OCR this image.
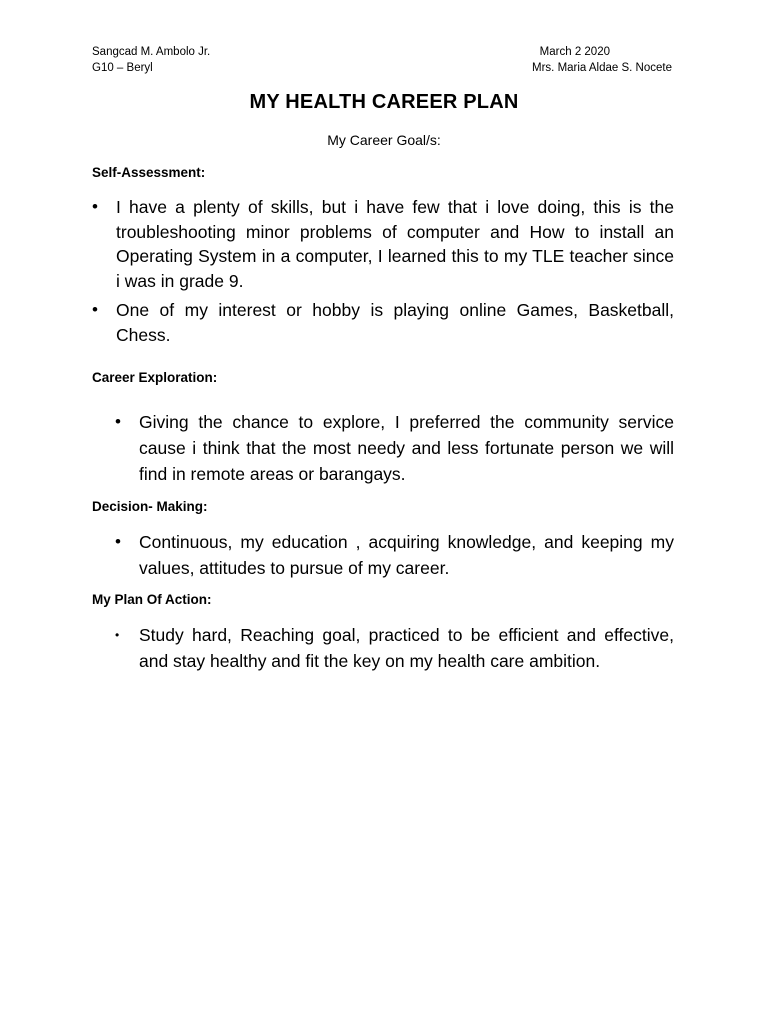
Sangcad M. Ambolo Jr.	March 2 2020
G10 – Beryl	Mrs. Maria Aldae S. Nocete
MY HEALTH CAREER PLAN
My Career Goal/s:
Self-Assessment:
• I have a plenty of skills, but i have few that i love doing, this is the troubleshooting minor problems of computer and How to install an Operating System in a computer, I learned this to my TLE teacher since i was in grade 9.
• One of my interest or hobby is playing online Games, Basketball, Chess.
Career Exploration:
• Giving the chance to explore, I preferred the community service cause i think that the most needy and less fortunate person we will find in remote areas or barangays.
Decision- Making:
• Continuous, my education , acquiring knowledge, and keeping my values, attitudes to pursue of my career.
My Plan Of Action:
• Study hard, Reaching goal, practiced to be efficient and effective, and stay healthy and fit the key on my health care ambition.
